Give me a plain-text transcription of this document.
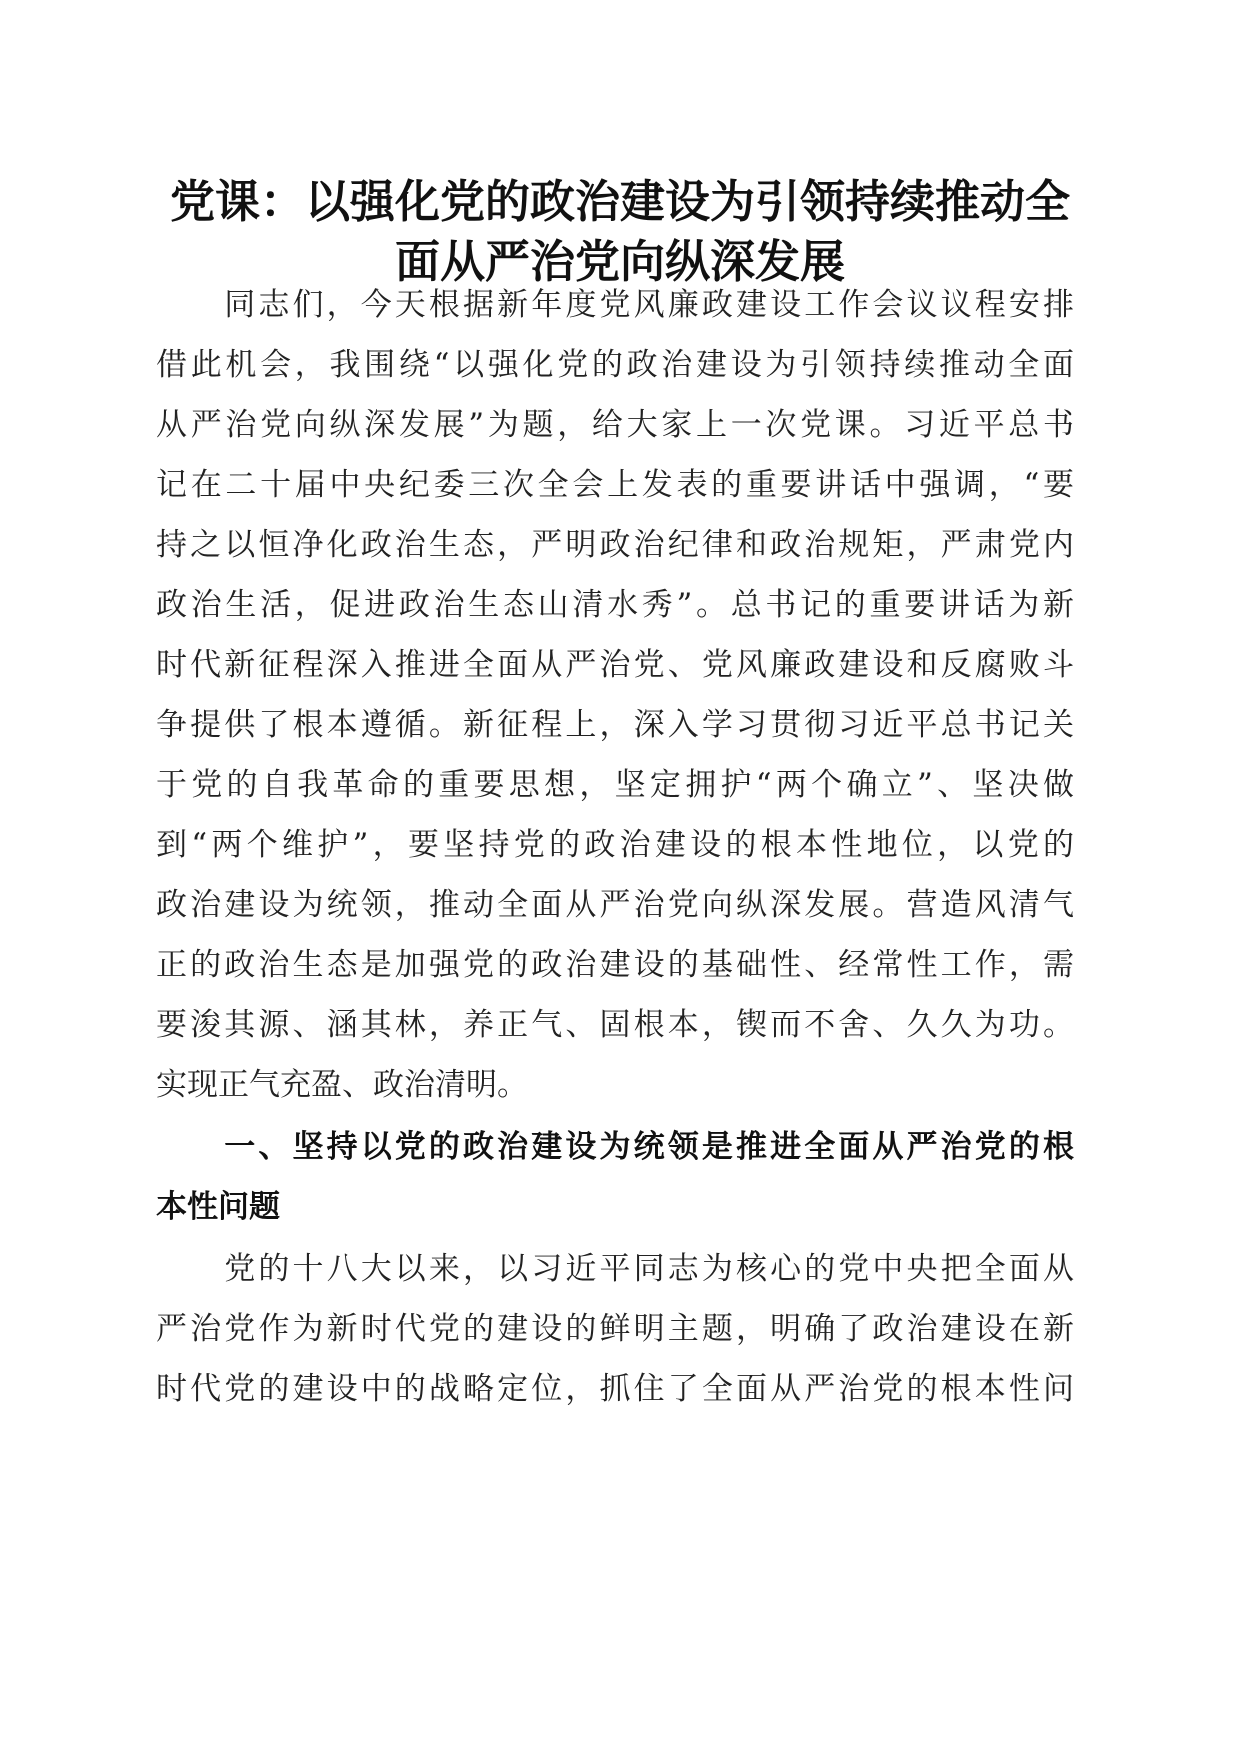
党课：以强化党的政治建设为引领持续推动全
面从严治党向纵深发展
　　同志们，今天根据新年度党风廉政建设工作会议议程安排
借此机会，我围绕“以强化党的政治建设为引领持续推动全面
从严治党向纵深发展”为题，给大家上一次党课。习近平总书
记在二十届中央纪委三次全会上发表的重要讲话中强调，“要
持之以恒净化政治生态，严明政治纪律和政治规矩，严肃党内
政治生活，促进政治生态山清水秀”。总书记的重要讲话为新
时代新征程深入推进全面从严治党、党风廉政建设和反腐败斗
争提供了根本遵循。新征程上，深入学习贯彻习近平总书记关
于党的自我革命的重要思想，坚定拥护“两个确立”、坚决做
到“两个维护”，要坚持党的政治建设的根本性地位，以党的
政治建设为统领，推动全面从严治党向纵深发展。营造风清气
正的政治生态是加强党的政治建设的基础性、经常性工作，需
要浚其源、涵其林，养正气、固根本，锲而不舍、久久为功。
实现正气充盈、政治清明。
　　一、坚持以党的政治建设为统领是推进全面从严治党的根
本性问题
　　党的十八大以来，以习近平同志为核心的党中央把全面从
严治党作为新时代党的建设的鲜明主题，明确了政治建设在新
时代党的建设中的战略定位，抓住了全面从严治党的根本性问
